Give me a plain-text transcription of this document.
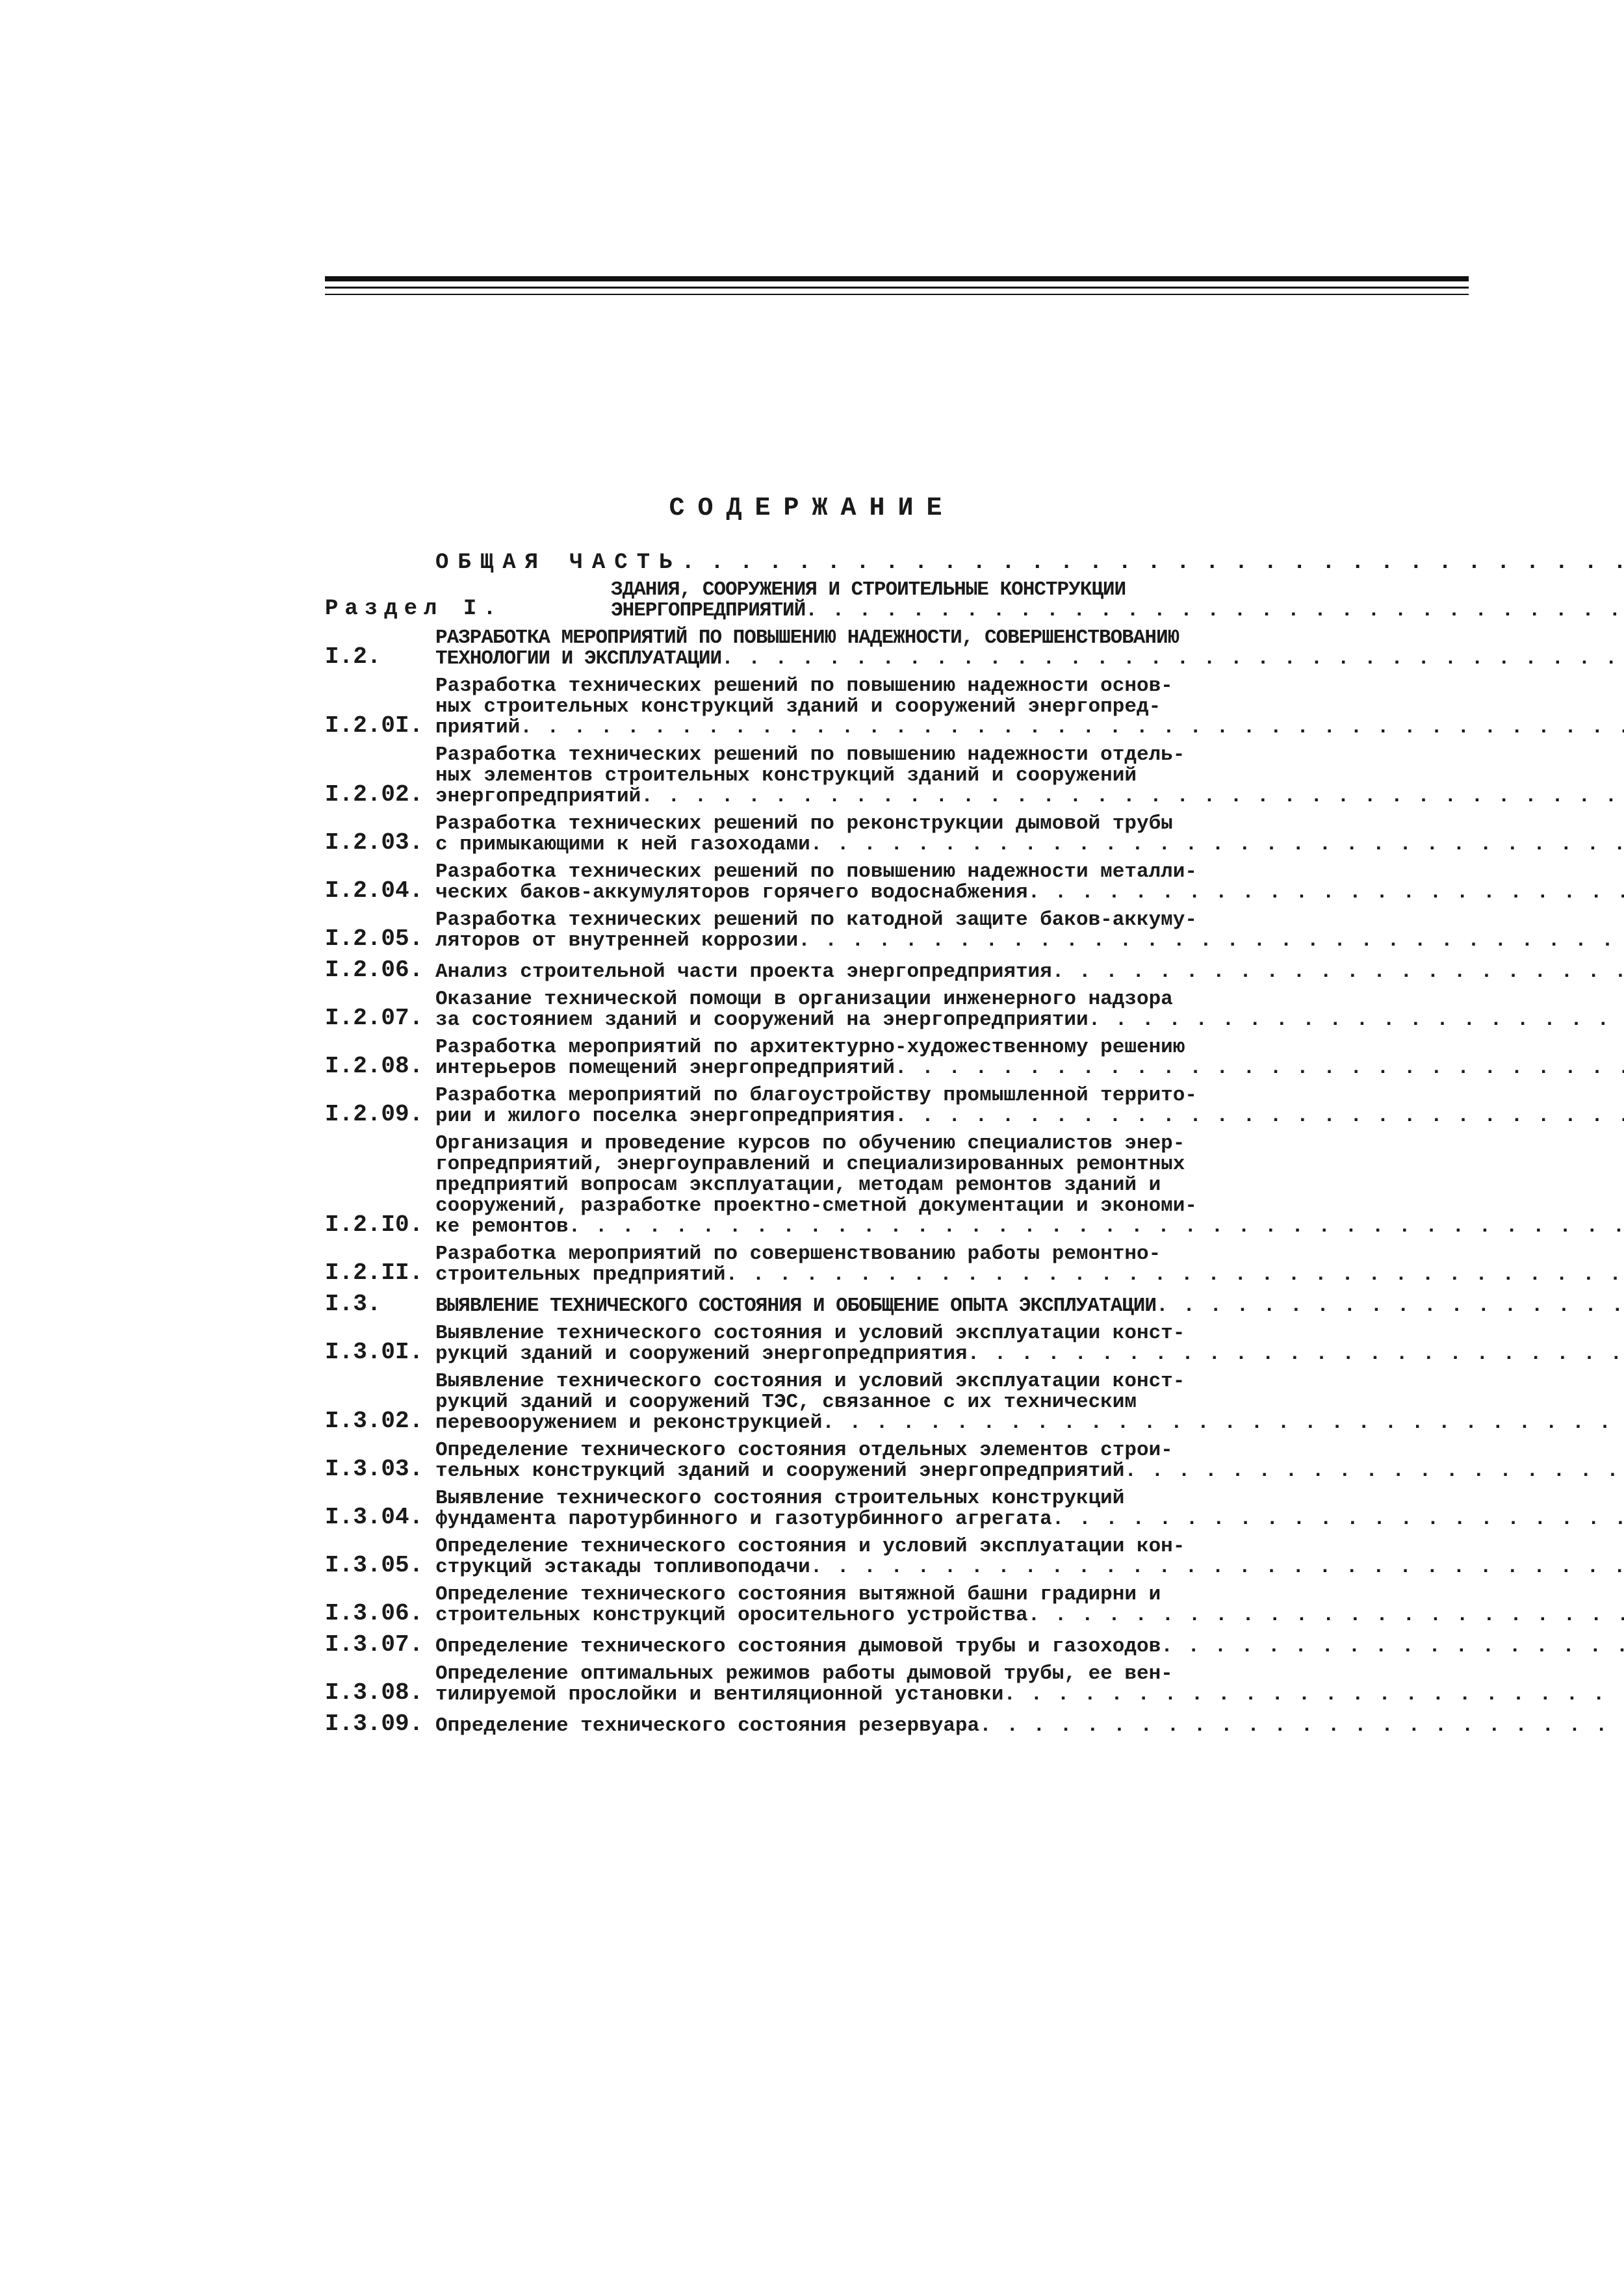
СОДЕРЖАНИЕ
ОБЩАЯ ЧАСТЬ
. . .
Раздел I.
ЗДАНИЯ, СООРУЖЕНИЯ И СТРОИТЕЛЬНЫЕ КОНСТРУКЦИИ
ЭНЕРГОПРЕДПРИЯТИЙ
. . .
I.2.
РАЗРАБОТКА МЕРОПРИЯТИЙ ПО ПОВЫШЕНИЮ НАДЕЖНОСТИ, СОВЕРШЕНСТВОВАНИЮ
ТЕХНОЛОГИИ И ЭКСПЛУАТАЦИИ
. . .
I.2.0I.
Разработка технических решений по повышению надежности основ-
ных строительных конструкций зданий и сооружений энергопред-
приятий
. . .
I.2.02.
Разработка технических решений по повышению надежности отдель-
ных элементов строительных конструкций зданий и сооружений
энергопредприятий
. . .
I.2.03.
Разработка технических решений по реконструкции дымовой трубы
с примыкающими к ней газоходами
. . .
I.2.04.
Разработка технических решений по повышению надежности металли-
ческих баков-аккумуляторов горячего водоснабжения
. . .
I.2.05.
Разработка технических решений по катодной защите баков-аккуму-
ляторов от внутренней коррозии
. . .
I.2.06. Анализ строительной части проекта энергопредприятия
. . .
I.2.07.
Оказание технической помощи в организации инженерного надзора
за состоянием зданий и сооружений на энергопредприятии
. . .
I.2.08.
Разработка мероприятий по архитектурно-художественному решению
интерьеров помещений энергопредприятий
. . .
I.2.09.
Разработка мероприятий по благоустройству промышленной террито-
рии и жилого поселка энергопредприятия
. . .
I.2.I0.
Организация и проведение курсов по обучению специалистов энер-
гопредприятий, энергоуправлений и специализированных ремонтных
предприятий вопросам эксплуатации, методам ремонтов зданий и
сооружений, разработке проектно-сметной документации и экономи-
ке ремонтов
. . .
I.2.II.
Разработка мероприятий по совершенствованию работы ремонтно-
строительных предприятий
. . .
I.3.	ВЫЯВЛЕНИЕ ТЕХНИЧЕСКОГО СОСТОЯНИЯ И ОБОБЩЕНИЕ ОПЫТА ЭКСПЛУАТАЦИИ
. . .
I.3.0I.
Выявление технического состояния и условий эксплуатации конст-
рукций зданий и сооружений энергопредприятия
. . .
I.3.02.
Выявление технического состояния и условий эксплуатации конст-
рукций зданий и сооружений ТЭС, связанное с их техническим
перевооружением и реконструкцией
. . .
I.3.03.
Определение технического состояния отдельных элементов строи-
тельных конструкций зданий и сооружений энергопредприятий
. . .
I.3.04.
Выявление технического состояния строительных конструкций
фундамента паротурбинного и газотурбинного агрегата
. . .
I.3.05.
Определение технического состояния и условий эксплуатации кон-
струкций эстакады топливоподачи
. . .
I.3.06.
Определение технического состояния вытяжной башни градирни и
строительных конструкций оросительного устройства
. . .
I.3.07. Определение технического состояния дымовой трубы и газоходов
. . .
I.3.08.
Определение оптимальных режимов работы дымовой трубы, ее вен-
тилируемой прослойки и вентиляционной установки
. . .
I.3.09. Определение технического состояния резервуара
. . .
